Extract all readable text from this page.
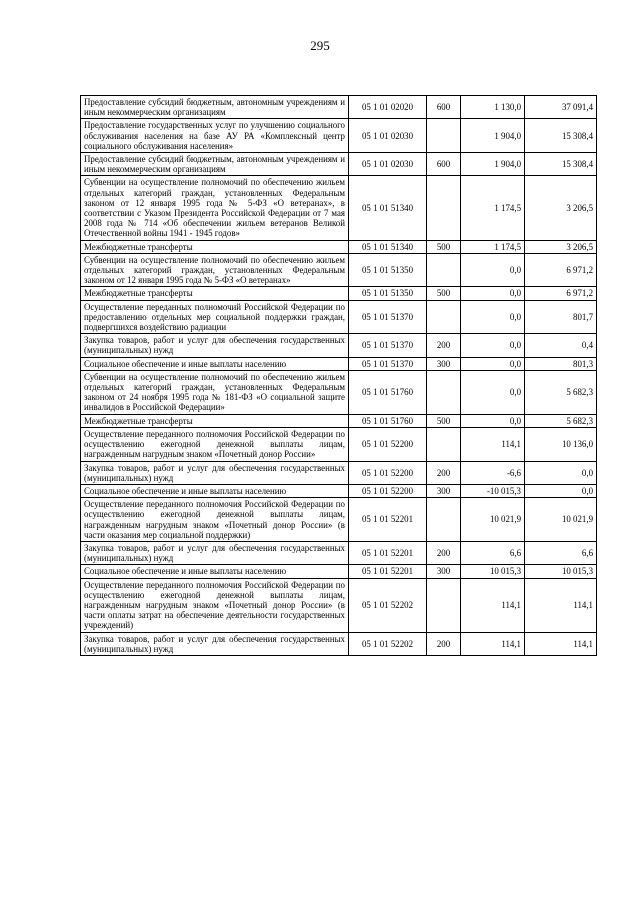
295
Предоставление субсидий бюджетным, автономным учреждениям и иным некоммерческим организациям	05 1 01 02020	600	1 130,0	37 091,4
Предоставление государственных услуг по улучшению социального обслуживания населения на базе АУ РА «Комплексный центр социального обслуживания населения»	05 1 01 02030		1 904,0	15 308,4
Предоставление субсидий бюджетным, автономным учреждениям и иным некоммерческим организациям	05 1 01 02030	600	1 904,0	15 308,4
Субвенции на осуществление полномочий по обеспечению жильем отдельных категорий граждан, установленных Федеральным законом от 12 января 1995 года № 5-ФЗ «О ветеранах», в соответствии с Указом Президента Российской Федерации от 7 мая 2008 года № 714 «Об обеспечении жильем ветеранов Великой Отечественной войны 1941 - 1945 годов»	05 1 01 51340		1 174,5	3 206,5
Межбюджетные трансферты	05 1 01 51340	500	1 174,5	3 206,5
Субвенции на осуществление полномочий по обеспечению жильем отдельных категорий граждан, установленных Федеральным законом от 12 января 1995 года № 5-ФЗ «О ветеранах»	05 1 01 51350		0,0	6 971,2
Межбюджетные трансферты	05 1 01 51350	500	0,0	6 971,2
Осуществление переданных полномочий Российской Федерации по предоставлению отдельных мер социальной поддержки граждан, подвергшихся воздействию радиации	05 1 01 51370		0,0	801,7
Закупка товаров, работ и услуг для обеспечения государственных (муниципальных) нужд	05 1 01 51370	200	0,0	0,4
Социальное обеспечение и иные выплаты населению	05 1 01 51370	300	0,0	801,3
Субвенции на осуществление полномочий по обеспечению жильем отдельных категорий граждан, установленных Федеральным законом от 24 ноября 1995 года № 181-ФЗ «О социальной защите инвалидов в Российской Федерации»	05 1 01 51760		0,0	5 682,3
Межбюджетные трансферты	05 1 01 51760	500	0,0	5 682,3
Осуществление переданного полномочия Российской Федерации по осуществлению ежегодной денежной выплаты лицам, награжденным нагрудным знаком «Почетный донор России»	05 1 01 52200		114,1	10 136,0
Закупка товаров, работ и услуг для обеспечения государственных (муниципальных) нужд	05 1 01 52200	200	-6,6	0,0
Социальное обеспечение и иные выплаты населению	05 1 01 52200	300	-10 015,3	0,0
Осуществление переданного полномочия Российской Федерации по осуществлению ежегодной денежной выплаты лицам, награжденным нагрудным знаком «Почетный донор России» (в части оказания мер социальной поддержки)	05 1 01 52201		10 021,9	10 021,9
Закупка товаров, работ и услуг для обеспечения государственных (муниципальных) нужд	05 1 01 52201	200	6,6	6,6
Социальное обеспечение и иные выплаты населению	05 1 01 52201	300	10 015,3	10 015,3
Осуществление переданного полномочия Российской Федерации по осуществлению ежегодной денежной выплаты лицам, награжденным нагрудным знаком «Почетный донор России» (в части оплаты затрат на обеспечение деятельности государственных учреждений)	05 1 01 52202		114,1	114,1
Закупка товаров, работ и услуг для обеспечения государственных (муниципальных) нужд	05 1 01 52202	200	114,1	114,1
